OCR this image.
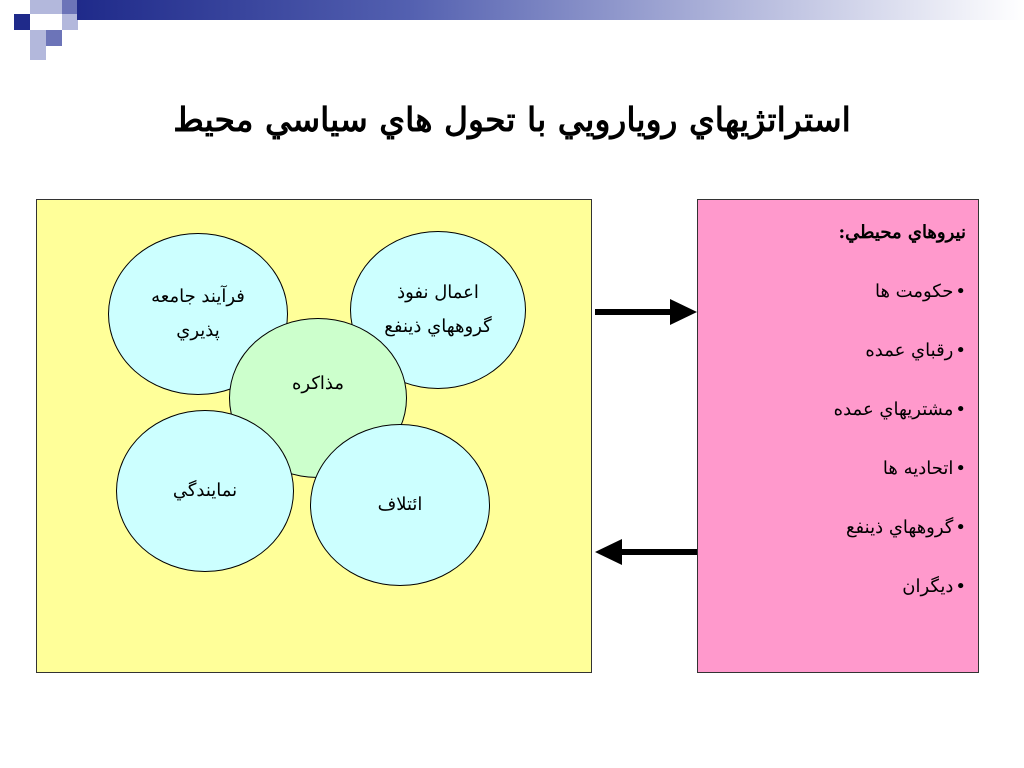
استراتژيهاي رويارويي با تحول هاي سياسي محيط
فرآيند جامعه
پذيري
اعمال نفوذ
گروههاي ذينفع
مذاكره
نمايندگي
ائتلاف
نيروهاي محيطي:
•حكومت ها
•رقباي عمده
•مشتريهاي عمده
•اتحاديه ها
•گروههاي ذينفع
•ديگران
